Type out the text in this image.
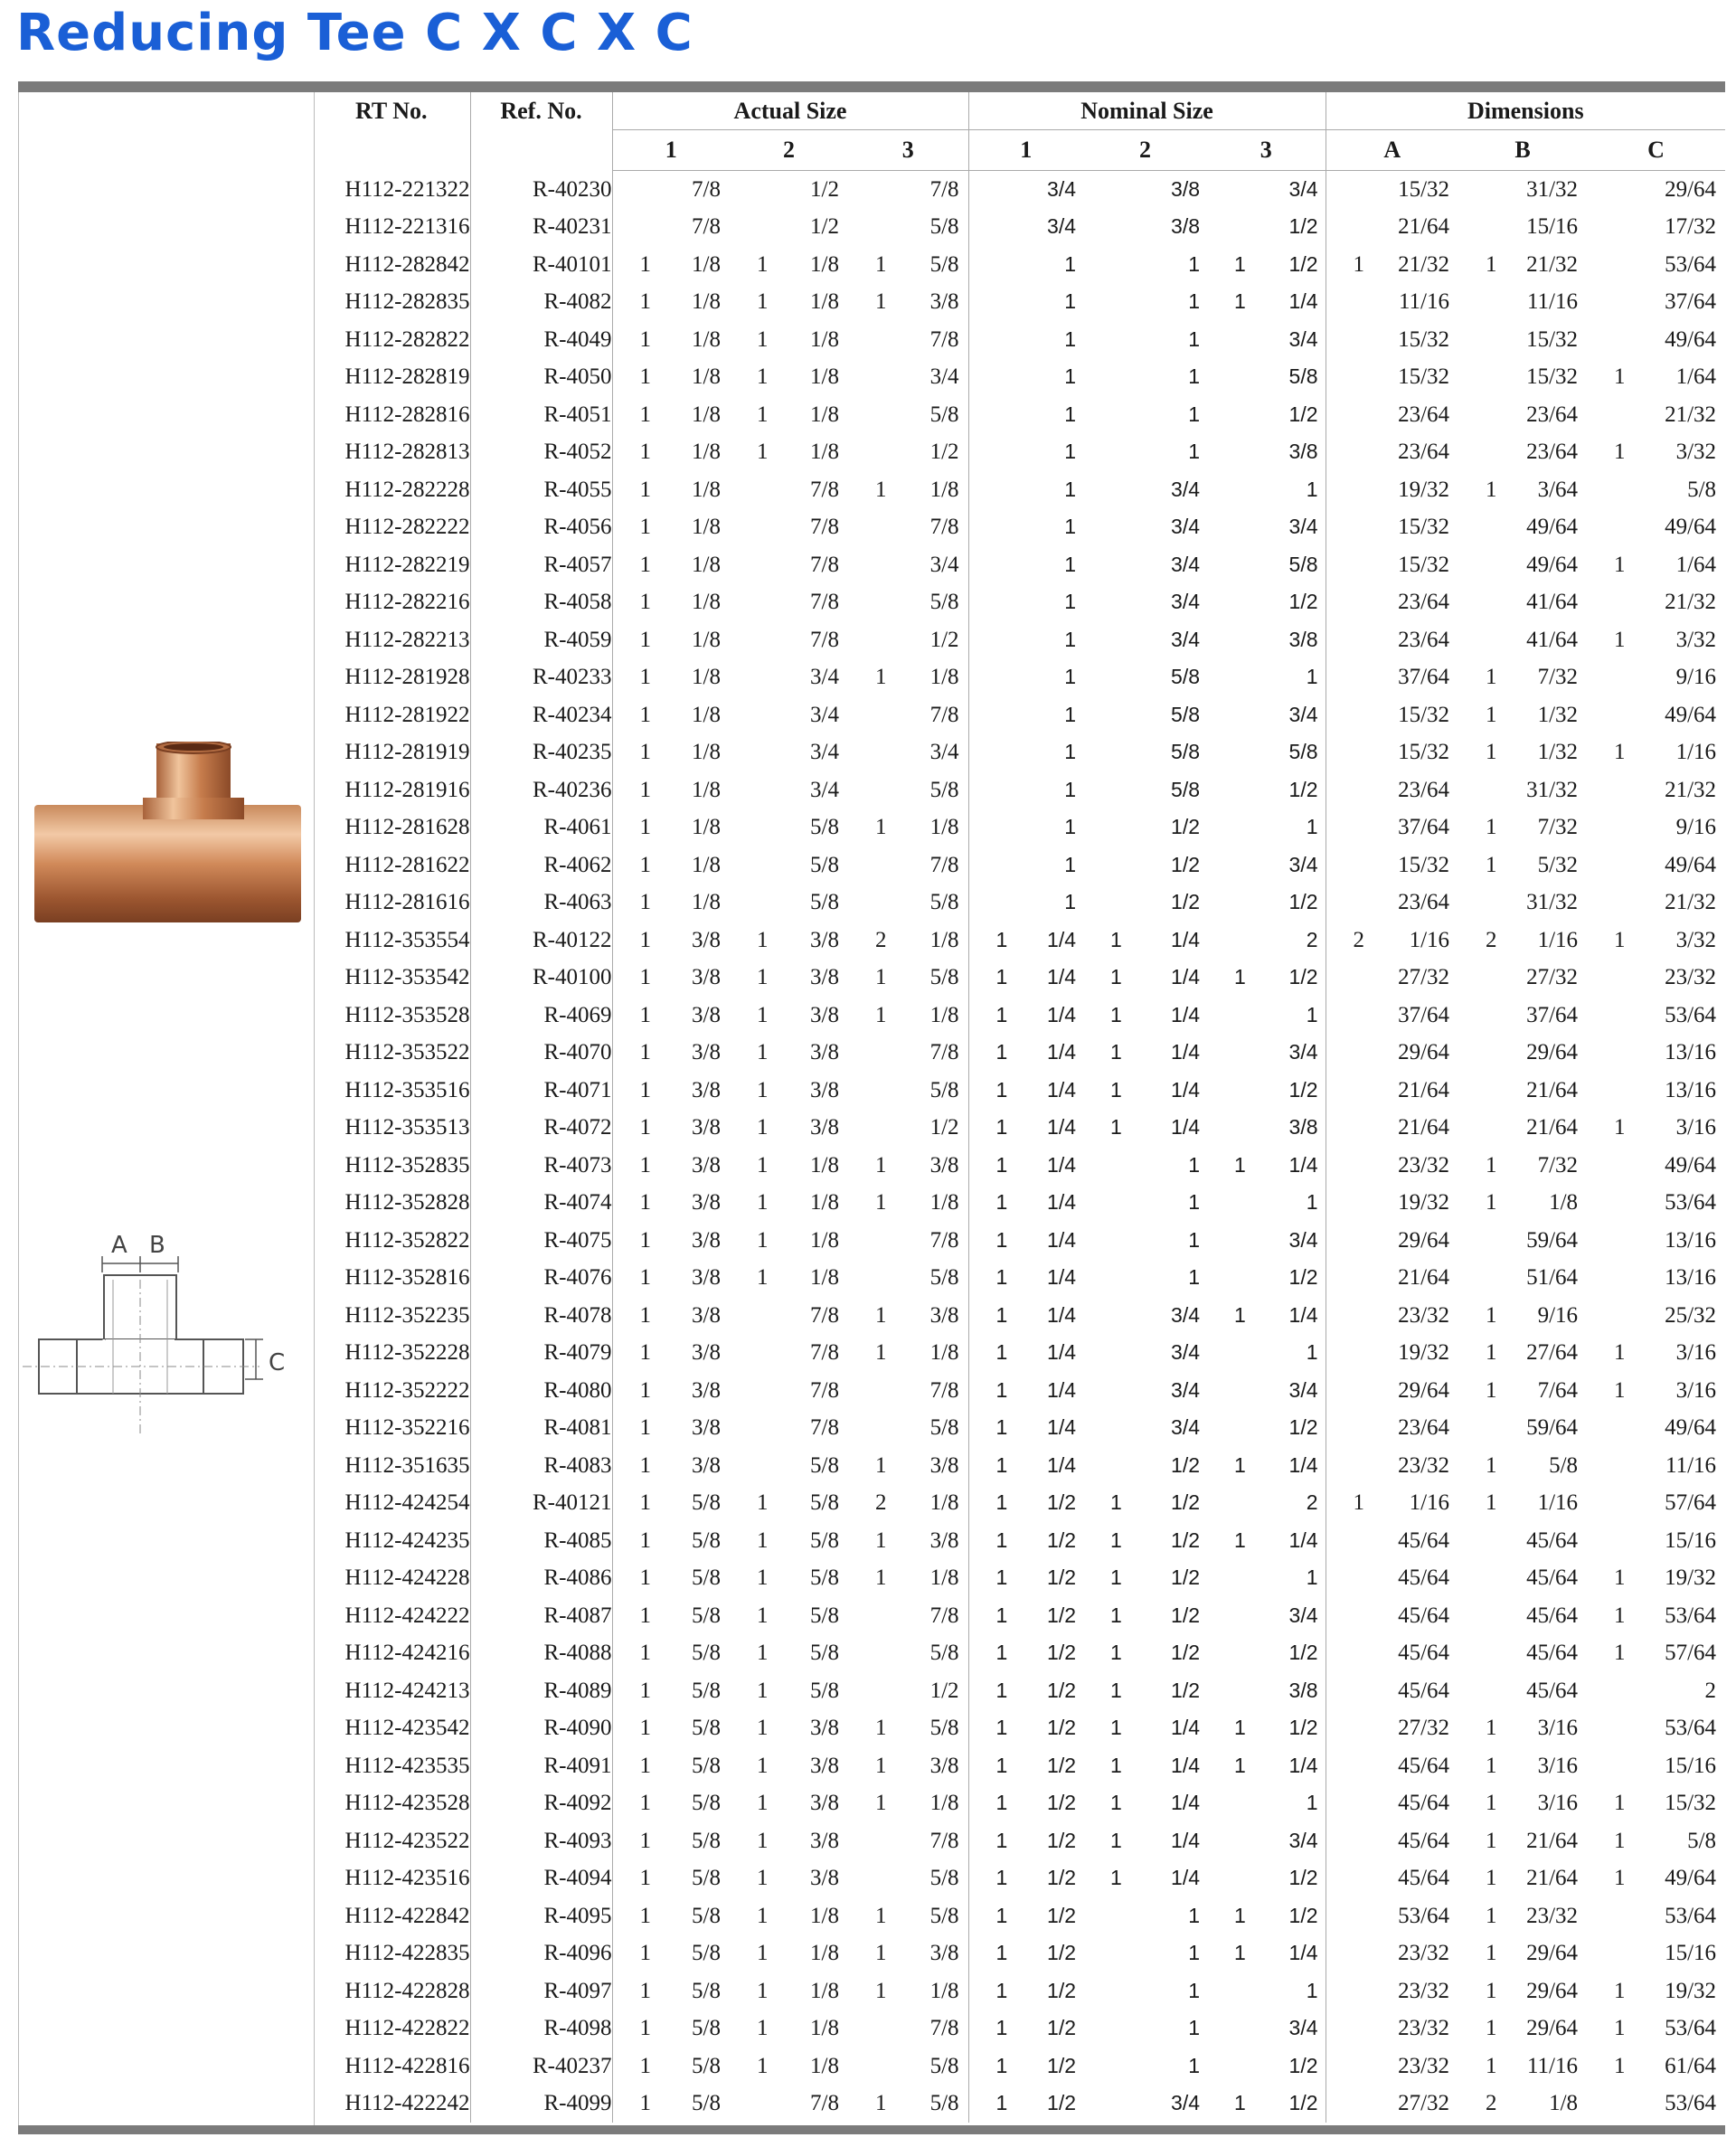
Reducing Tee C X C X C
A B
C
RT No.	Ref. No.	Actual Size			Nominal Size			Dimensions		
		1	2	3	1	2	3	A	B	C
H112-221322	R-40230	7/8	1/2	7/8	3/4	3/8	3/4	15/32	31/32	29/64
H112-221316	R-40231	7/8	1/2	5/8	3/4	3/8	1/2	21/64	15/16	17/32
H112-282842	R-40101	1 1/8	1 1/8	1 5/8	1	1	1 1/2	1 21/32	1 21/32	53/64
H112-282835	R-4082	1 1/8	1 1/8	1 3/8	1	1	1 1/4	11/16	11/16	37/64
H112-282822	R-4049	1 1/8	1 1/8	7/8	1	1	3/4	15/32	15/32	49/64
H112-282819	R-4050	1 1/8	1 1/8	3/4	1	1	5/8	15/32	15/32	1 1/64
H112-282816	R-4051	1 1/8	1 1/8	5/8	1	1	1/2	23/64	23/64	21/32
H112-282813	R-4052	1 1/8	1 1/8	1/2	1	1	3/8	23/64	23/64	1 3/32
H112-282228	R-4055	1 1/8	7/8	1 1/8	1	3/4	1	19/32	1 3/64	5/8
H112-282222	R-4056	1 1/8	7/8	7/8	1	3/4	3/4	15/32	49/64	49/64
H112-282219	R-4057	1 1/8	7/8	3/4	1	3/4	5/8	15/32	49/64	1 1/64
H112-282216	R-4058	1 1/8	7/8	5/8	1	3/4	1/2	23/64	41/64	21/32
H112-282213	R-4059	1 1/8	7/8	1/2	1	3/4	3/8	23/64	41/64	1 3/32
H112-281928	R-40233	1 1/8	3/4	1 1/8	1	5/8	1	37/64	1 7/32	9/16
H112-281922	R-40234	1 1/8	3/4	7/8	1	5/8	3/4	15/32	1 1/32	49/64
H112-281919	R-40235	1 1/8	3/4	3/4	1	5/8	5/8	15/32	1 1/32	1 1/16
H112-281916	R-40236	1 1/8	3/4	5/8	1	5/8	1/2	23/64	31/32	21/32
H112-281628	R-4061	1 1/8	5/8	1 1/8	1	1/2	1	37/64	1 7/32	9/16
H112-281622	R-4062	1 1/8	5/8	7/8	1	1/2	3/4	15/32	1 5/32	49/64
H112-281616	R-4063	1 1/8	5/8	5/8	1	1/2	1/2	23/64	31/32	21/32
H112-353554	R-40122	1 3/8	1 3/8	2 1/8	1 1/4	1 1/4	2	2 1/16	2 1/16	1 3/32
H112-353542	R-40100	1 3/8	1 3/8	1 5/8	1 1/4	1 1/4	1 1/2	27/32	27/32	23/32
H112-353528	R-4069	1 3/8	1 3/8	1 1/8	1 1/4	1 1/4	1	37/64	37/64	53/64
H112-353522	R-4070	1 3/8	1 3/8	7/8	1 1/4	1 1/4	3/4	29/64	29/64	13/16
H112-353516	R-4071	1 3/8	1 3/8	5/8	1 1/4	1 1/4	1/2	21/64	21/64	13/16
H112-353513	R-4072	1 3/8	1 3/8	1/2	1 1/4	1 1/4	3/8	21/64	21/64	1 3/16
H112-352835	R-4073	1 3/8	1 1/8	1 3/8	1 1/4	1	1 1/4	23/32	1 7/32	49/64
H112-352828	R-4074	1 3/8	1 1/8	1 1/8	1 1/4	1	1	19/32	1 1/8	53/64
H112-352822	R-4075	1 3/8	1 1/8	7/8	1 1/4	1	3/4	29/64	59/64	13/16
H112-352816	R-4076	1 3/8	1 1/8	5/8	1 1/4	1	1/2	21/64	51/64	13/16
H112-352235	R-4078	1 3/8	7/8	1 3/8	1 1/4	3/4	1 1/4	23/32	1 9/16	25/32
H112-352228	R-4079	1 3/8	7/8	1 1/8	1 1/4	3/4	1	19/32	1 27/64	1 3/16
H112-352222	R-4080	1 3/8	7/8	7/8	1 1/4	3/4	3/4	29/64	1 7/64	1 3/16
H112-352216	R-4081	1 3/8	7/8	5/8	1 1/4	3/4	1/2	23/64	59/64	49/64
H112-351635	R-4083	1 3/8	5/8	1 3/8	1 1/4	1/2	1 1/4	23/32	1 5/8	11/16
H112-424254	R-40121	1 5/8	1 5/8	2 1/8	1 1/2	1 1/2	2	1 1/16	1 1/16	57/64
H112-424235	R-4085	1 5/8	1 5/8	1 3/8	1 1/2	1 1/2	1 1/4	45/64	45/64	15/16
H112-424228	R-4086	1 5/8	1 5/8	1 1/8	1 1/2	1 1/2	1	45/64	45/64	1 19/32
H112-424222	R-4087	1 5/8	1 5/8	7/8	1 1/2	1 1/2	3/4	45/64	45/64	1 53/64
H112-424216	R-4088	1 5/8	1 5/8	5/8	1 1/2	1 1/2	1/2	45/64	45/64	1 57/64
H112-424213	R-4089	1 5/8	1 5/8	1/2	1 1/2	1 1/2	3/8	45/64	45/64	2
H112-423542	R-4090	1 5/8	1 3/8	1 5/8	1 1/2	1 1/4	1 1/2	27/32	1 3/16	53/64
H112-423535	R-4091	1 5/8	1 3/8	1 3/8	1 1/2	1 1/4	1 1/4	45/64	1 3/16	15/16
H112-423528	R-4092	1 5/8	1 3/8	1 1/8	1 1/2	1 1/4	1	45/64	1 3/16	1 15/32
H112-423522	R-4093	1 5/8	1 3/8	7/8	1 1/2	1 1/4	3/4	45/64	1 21/64	1 5/8
H112-423516	R-4094	1 5/8	1 3/8	5/8	1 1/2	1 1/4	1/2	45/64	1 21/64	1 49/64
H112-422842	R-4095	1 5/8	1 1/8	1 5/8	1 1/2	1	1 1/2	53/64	1 23/32	53/64
H112-422835	R-4096	1 5/8	1 1/8	1 3/8	1 1/2	1	1 1/4	23/32	1 29/64	15/16
H112-422828	R-4097	1 5/8	1 1/8	1 1/8	1 1/2	1	1	23/32	1 29/64	1 19/32
H112-422822	R-4098	1 5/8	1 1/8	7/8	1 1/2	1	3/4	23/32	1 29/64	1 53/64
H112-422816	R-40237	1 5/8	1 1/8	5/8	1 1/2	1	1/2	23/32	1 11/16	1 61/64
H112-422242	R-4099	1 5/8	7/8	1 5/8	1 1/2	3/4	1 1/2	27/32	2 1/8	53/64
